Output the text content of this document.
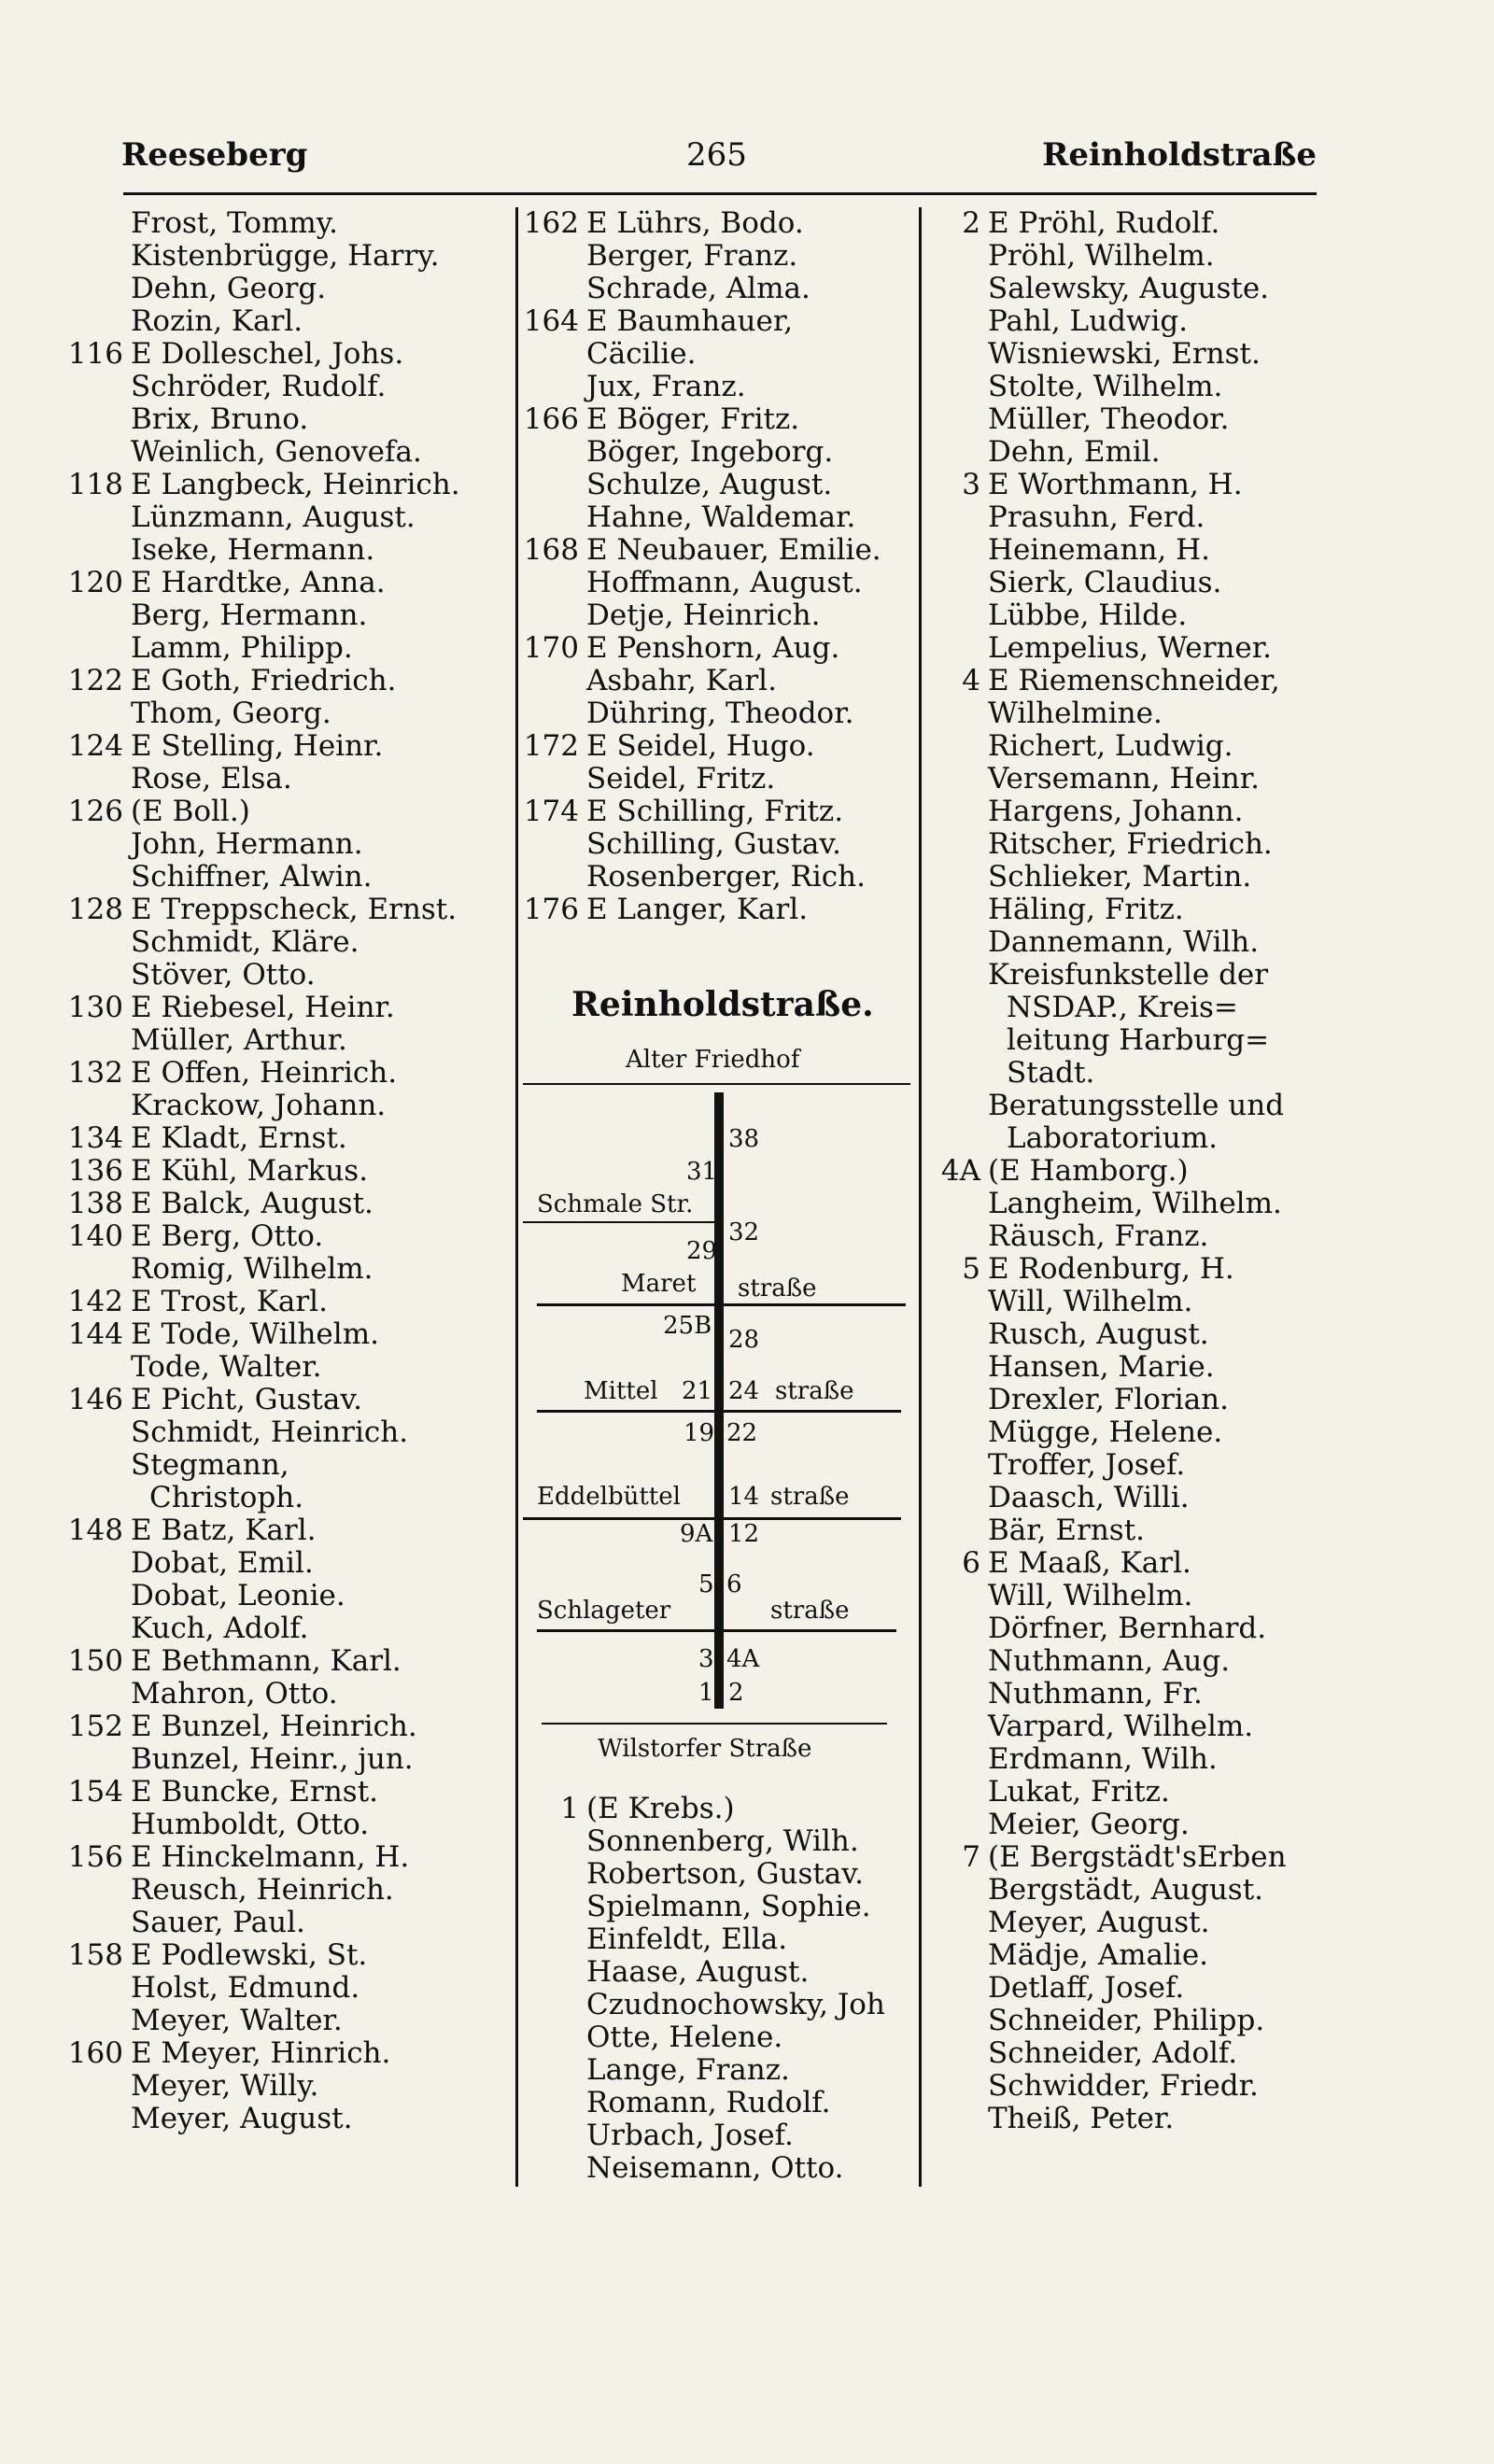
Reeseberg	265	Reinholdstraße
Frost, Tommy.
Kistenbrügge, Harry.
Dehn, Georg.
Rozin, Karl.
116 E Dolleschel, Johs.
Schröder, Rudolf.
Brix, Bruno.
Weinlich, Genovefa.
118 E Langbeck, Heinrich.
Lünzmann, August.
Iseke, Hermann.
120 E Hardtke, Anna.
Berg, Hermann.
Lamm, Philipp.
122 E Goth, Friedrich.
Thom, Georg.
124 E Stelling, Heinr.
Rose, Elsa.
126 (E Boll.)
John, Hermann.
Schiffner, Alwin.
128 E Treppscheck, Ernst.
Schmidt, Kläre.
Stöver, Otto.
130 E Riebesel, Heinr.
Müller, Arthur.
132 E Offen, Heinrich.
Krackow, Johann.
134 E Kladt, Ernst.
136 E Kühl, Markus.
138 E Balck, August.
140 E Berg, Otto.
Romig, Wilhelm.
142 E Trost, Karl.
144 E Tode, Wilhelm.
Tode, Walter.
146 E Picht, Gustav.
Schmidt, Heinrich.
Stegmann,
Christoph.
148 E Batz, Karl.
Dobat, Emil.
Dobat, Leonie.
Kuch, Adolf.
150 E Bethmann, Karl.
Mahron, Otto.
152 E Bunzel, Heinrich.
Bunzel, Heinr., jun.
154 E Buncke, Ernst.
Humboldt, Otto.
156 E Hinckelmann, H.
Reusch, Heinrich.
Sauer, Paul.
158 E Podlewski, St.
Holst, Edmund.
Meyer, Walter.
160 E Meyer, Hinrich.
Meyer, Willy.
Meyer, August.
162 E Lührs, Bodo.
Berger, Franz.
Schrade, Alma.
164 E Baumhauer,
Cäcilie.
Jux, Franz.
166 E Böger, Fritz.
Böger, Ingeborg.
Schulze, August.
Hahne, Waldemar.
168 E Neubauer, Emilie.
Hoffmann, August.
Detje, Heinrich.
170 E Penshorn, Aug.
Asbahr, Karl.
Dühring, Theodor.
172 E Seidel, Hugo.
Seidel, Fritz.
174 E Schilling, Fritz.
Schilling, Gustav.
Rosenberger, Rich.
176 E Langer, Karl.
1 (E Krebs.)
Sonnenberg, Wilh.
Robertson, Gustav.
Spielmann, Sophie.
Einfeldt, Ella.
Haase, August.
Czudnochowsky, Joh
Otte, Helene.
Lange, Franz.
Romann, Rudolf.
Urbach, Josef.
Neisemann, Otto.
2 E Pröhl, Rudolf.
Pröhl, Wilhelm.
Salewsky, Auguste.
Pahl, Ludwig.
Wisniewski, Ernst.
Stolte, Wilhelm.
Müller, Theodor.
Dehn, Emil.
3 E Worthmann, H.
Prasuhn, Ferd.
Heinemann, H.
Sierk, Claudius.
Lübbe, Hilde.
Lempelius, Werner.
4 E Riemenschneider,
Wilhelmine.
Richert, Ludwig.
Versemann, Heinr.
Hargens, Johann.
Ritscher, Friedrich.
Schlieker, Martin.
Häling, Fritz.
Dannemann, Wilh.
Kreisfunkstelle der
NSDAP., Kreis=
leitung Harburg=
Stadt.
Beratungsstelle und
Laboratorium.
4A (E Hamborg.)
Langheim, Wilhelm.
Räusch, Franz.
5 E Rodenburg, H.
Will, Wilhelm.
Rusch, August.
Hansen, Marie.
Drexler, Florian.
Mügge, Helene.
Troffer, Josef.
Daasch, Willi.
Bär, Ernst.
6 E Maaß, Karl.
Will, Wilhelm.
Dörfner, Bernhard.
Nuthmann, Aug.
Nuthmann, Fr.
Varpard, Wilhelm.
Erdmann, Wilh.
Lukat, Fritz.
Meier, Georg.
7 (E Bergstädt'sErben
Bergstädt, August.
Meyer, August.
Mädje, Amalie.
Detlaff, Josef.
Schneider, Philipp.
Schneider, Adolf.
Schwidder, Friedr.
Theiß, Peter.
Reinholdstraße.
Alter Friedhof
38
31
Schmale Str.
32
29
Maret straße
25B 28
Mittel 21 24 straße
19 22
Eddelbüttel 14 straße
9A 12
5 6
Schlageter	straße
3 4A
1 2
Wilstorfer Straße
